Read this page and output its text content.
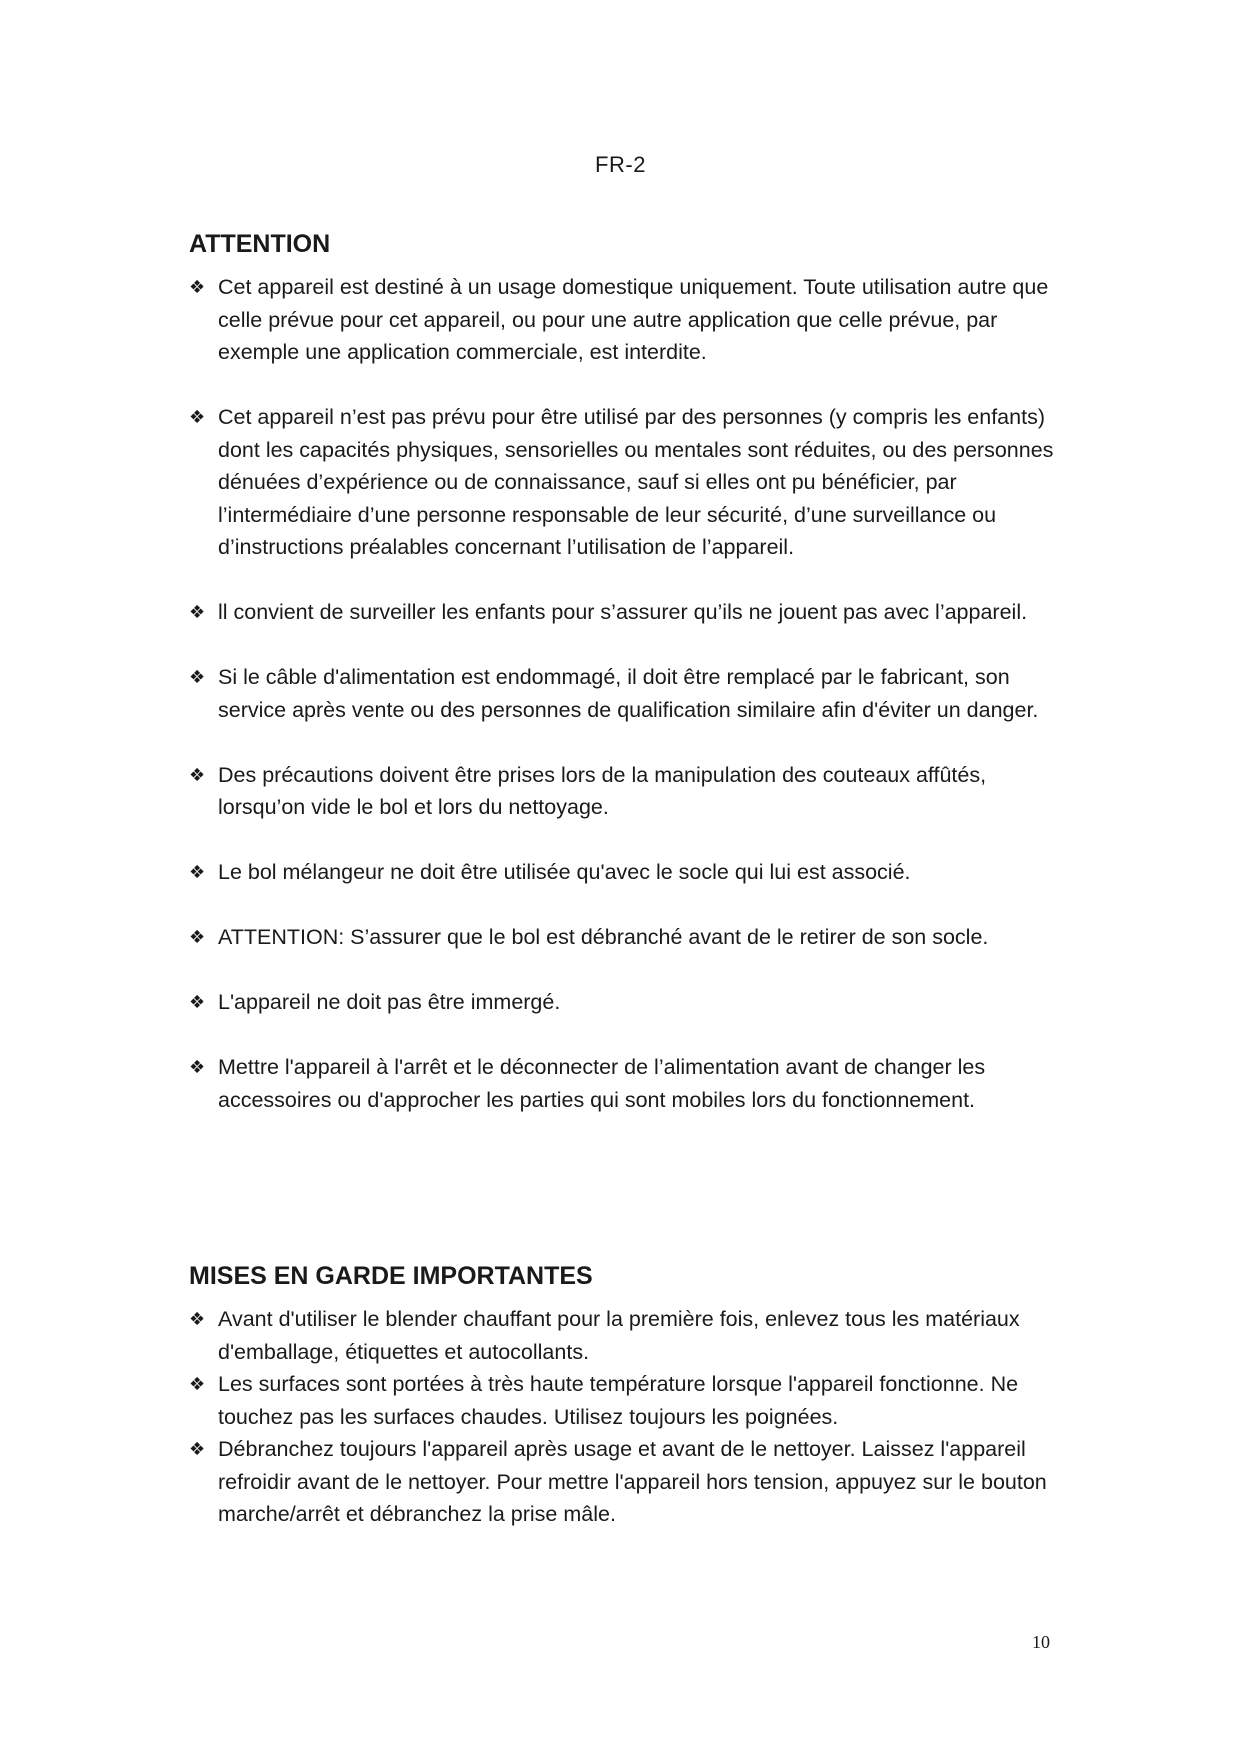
FR-2
ATTENTION
❖ Cet appareil est destiné à un usage domestique uniquement. Toute utilisation autre que celle prévue pour cet appareil, ou pour une autre application que celle prévue, par exemple une application commerciale, est interdite.
❖ Cet appareil n’est pas prévu pour être utilisé par des personnes (y compris les enfants) dont les capacités physiques, sensorielles ou mentales sont réduites, ou des personnes dénuées d’expérience ou de connaissance, sauf si elles ont pu bénéficier, par l’intermédiaire d’une personne responsable de leur sécurité, d’une surveillance ou d’instructions préalables concernant l’utilisation de l’appareil.
❖ ll convient de surveiller les enfants pour s’assurer qu’ils ne jouent pas avec l’appareil.
❖ Si le câble d'alimentation est endommagé, il doit être remplacé par le fabricant, son service après vente ou des personnes de qualification similaire afin d'éviter un danger.
❖ Des précautions doivent être prises lors de la manipulation des couteaux affûtés, lorsqu’on vide le bol et lors du nettoyage.
❖ Le bol mélangeur ne doit être utilisée qu'avec le socle qui lui est associé.
❖ ATTENTION: S’assurer que le bol est débranché avant de le retirer de son socle.
❖ L'appareil ne doit pas être immergé.
❖ Mettre l'appareil à l'arrêt et le déconnecter de l’alimentation avant de changer les accessoires ou d'approcher les parties qui sont mobiles lors du fonctionnement.
MISES EN GARDE IMPORTANTES
❖ Avant d'utiliser le blender chauffant pour la première fois, enlevez tous les matériaux d'emballage, étiquettes et autocollants.
❖ Les surfaces sont portées à très haute température lorsque l'appareil fonctionne. Ne touchez pas les surfaces chaudes. Utilisez toujours les poignées.
❖ Débranchez toujours l'appareil après usage et avant de le nettoyer. Laissez l'appareil refroidir avant de le nettoyer. Pour mettre l'appareil hors tension, appuyez sur le bouton marche/arrêt et débranchez la prise mâle.
10
